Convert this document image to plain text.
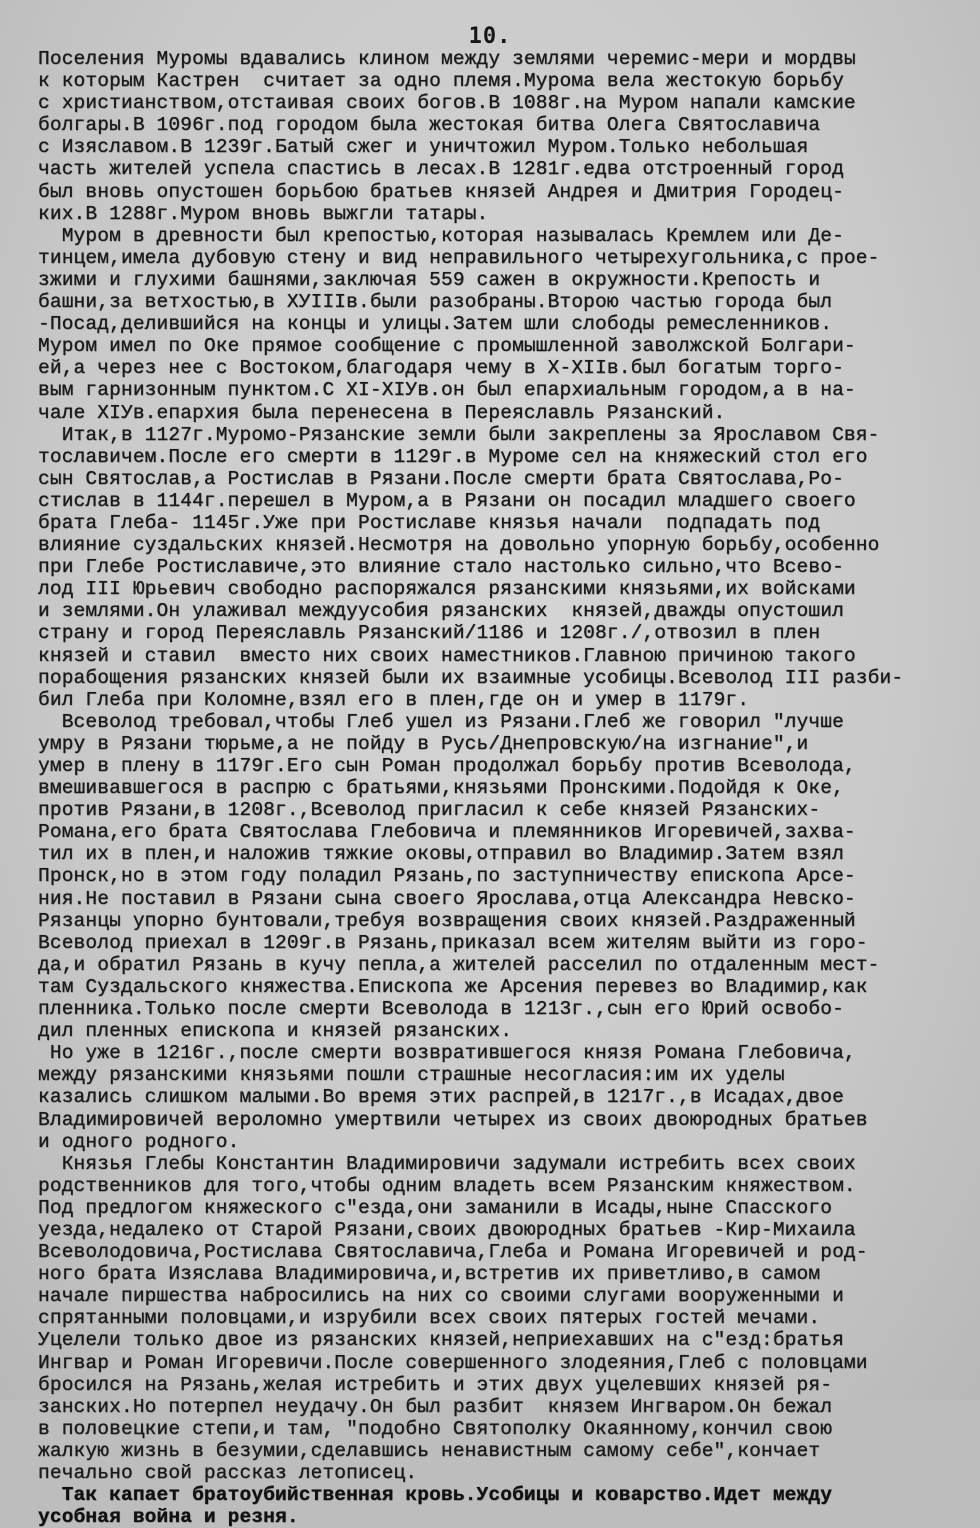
10.
Поселения Муромы вдавались клином между землями черемис-мери и мордвы
к которым Кастрен  считает за одно племя.Мурома вела жестокую борьбу
с христианством,отстаивая своих богов.В 1088г.на Муром напали камские
болгары.В 1096г.под городом была жестокая битва Олега Святославича
с Изяславом.В 1239г.Батый сжег и уничтожил Муром.Только небольшая
часть жителей успела спастись в лесах.В 1281г.едва отстроенный город
был вновь опустошен борьбою братьев князей Андрея и Дмитрия Городец-
ких.В 1288г.Муром вновь выжгли татары.
Муром в древности был крепостью,которая называлась Кремлем или Де-
тинцем,имела дубовую стену и вид неправильного четырехугольника,с прое-
зжими и глухими башнями,заключая 559 сажен в окружности.Крепость и
башни,за ветхостью,в ХУIIIв.были разобраны.Второю частью города был
-Посад,делившийся на концы и улицы.Затем шли слободы ремесленников.
Муром имел по Оке прямое сообщение с промышленной заволжской Болгари-
ей,а через нее с Востоком,благодаря чему в X-XIIв.был богатым торго-
вым гарнизонным пунктом.С XI-XIУв.он был епархиальным городом,а в на-
чале XIУв.епархия была перенесена в Переяславль Рязанский.
Итак,в 1127г.Муромо-Рязанские земли были закреплены за Ярославом Свя-
тославичем.После его смерти в 1129г.в Муроме сел на княжеский стол его
сын Святослав,а Ростислав в Рязани.После смерти брата Святослава,Ро-
стислав в 1144г.перешел в Муром,а в Рязани он посадил младшего своего
брата Глеба- 1145г.Уже при Ростиславе князья начали  подпадать под
влияние суздальских князей.Несмотря на довольно упорную борьбу,особенно
при Глебе Ростиславиче,это влияние стало настолько сильно,что Всево-
лод III Юрьевич свободно распоряжался рязанскими князьями,их войсками
и землями.Он улаживал междуусобия рязанских  князей,дважды опустошил
страну и город Переяславль Рязанский/1186 и 1208г./,отвозил в плен
князей и ставил  вместо них своих наместников.Главною причиною такого
порабощения рязанских князей были их взаимные усобицы.Всеволод III разби-
бил Глеба при Коломне,взял его в плен,где он и умер в 1179г.
Всеволод требовал,чтобы Глеб ушел из Рязани.Глеб же говорил "лучше
умру в Рязани тюрьме,а не пойду в Русь/Днепровскую/на изгнание",и
умер в плену в 1179г.Его сын Роман продолжал борьбу против Всеволода,
вмешивавшегося в распрю с братьями,князьями Пронскими.Подойдя к Оке,
против Рязани,в 1208г.,Всеволод пригласил к себе князей Рязанских-
Романа,его брата Святослава Глебовича и племянников Игоревичей,захва-
тил их в плен,и наложив тяжкие оковы,отправил во Владимир.Затем взял
Пронск,но в этом году поладил Рязань,по заступничеству епископа Арсе-
ния.Не поставил в Рязани сына своего Ярослава,отца Александра Невско-
Рязанцы упорно бунтовали,требуя возвращения своих князей.Раздраженный
Всеволод приехал в 1209г.в Рязань,приказал всем жителям выйти из горо-
да,и обратил Рязань в кучу пепла,а жителей расселил по отдаленным мест-
там Суздальского княжества.Епископа же Арсения перевез во Владимир,как
пленника.Только после смерти Всеволода в 1213г.,сын его Юрий освобо-
дил пленных епископа и князей рязанских.
Но уже в 1216г.,после смерти возвратившегося князя Романа Глебовича,
между рязанскими князьями пошли страшные несогласия:им их уделы
казались слишком малыми.Во время этих распрей,в 1217г.,в Исадах,двое
Владимировичей вероломно умертвили четырех из своих двоюродных братьев
и одного родного.
Князья Глебы Константин Владимировичи задумали истребить всех своих
родственников для того,чтобы одним владеть всем Рязанским княжеством.
Под предлогом княжеского с"езда,они заманили в Исады,ныне Спасского
уезда,недалеко от Старой Рязани,своих двоюродных братьев -Кир-Михаила
Всеволодовича,Ростислава Святославича,Глеба и Романа Игоревичей и род-
ного брата Изяслава Владимировича,и,встретив их приветливо,в самом
начале пиршества набросились на них со своими слугами вооруженными и
спрятанными половцами,и изрубили всех своих пятерых гостей мечами.
Уцелели только двое из рязанских князей,неприехавших на с"езд:братья
Ингвар и Роман Игоревичи.После совершенного злодеяния,Глеб с половцами
бросился на Рязань,желая истребить и этих двух уцелевших князей ря-
занских.Но потерпел неудачу.Он был разбит  князем Ингваром.Он бежал
в половецкие степи,и там, "подобно Святополку Окаянному,кончил свою
жалкую жизнь в безумии,сделавшись ненавистным самому себе",кончает
печально свой рассказ летописец.
Так капает братоубийственная кровь.Усобицы и коварство.Идет между
усобная война и резня.
